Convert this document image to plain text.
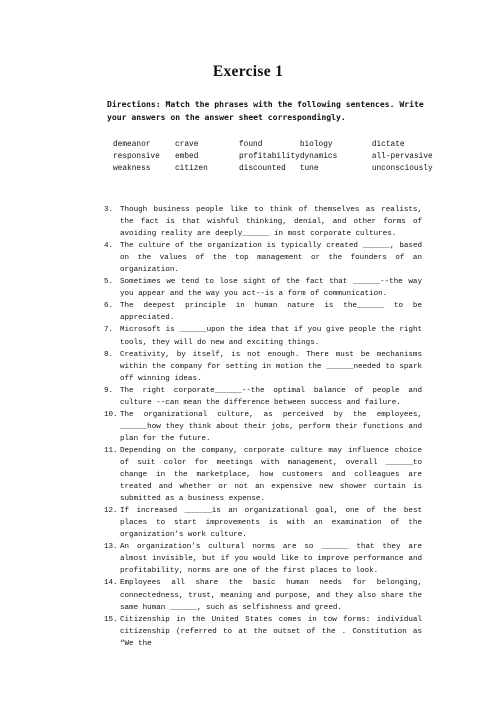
Exercise 1
Directions: Match the phrases with the following sentences. Write your answers on the answer sheet correspondingly.
demeanor	crave	found	biology	dictate
responsive	embed	profitability	dynamics	all-pervasive
weakness	citizen	discounted	tune	unconsciously
3. Though business people like to think of themselves as realists, the fact is that wishful thinking, denial, and other forms of avoiding reality are deeply______ in most corporate cultures.
4. The culture of the organization is typically created ______, based on the values of the top management or the founders of an organization.
5. Sometimes we tend to lose sight of the fact that ______--the way you appear and the way you act--is a form of communication.
6. The deepest principle in human nature is the______ to be appreciated.
7. Microsoft is ______upon the idea that if you give people the right tools, they will do new and exciting things.
8. Creativity, by itself, is not enough. There must be mechanisms within the company for setting in motion the ______needed to spark off winning ideas.
9. The right corporate______--the optimal balance of people and culture --can mean the difference between success and failure.
10. The organizational culture, as perceived by the employees, ______how they think about their jobs, perform their functions and plan for the future.
11. Depending on the company, corporate culture may influence choice of suit color for meetings with management, overall ______to change in the marketplace, how customers and colleagues are treated and whether or not an expensive new shower curtain is submitted as a business expense.
12. If increased ______is an organizational goal, one of the best places to start improvements is with an examination of the organization’s work culture.
13. An organization’s cultural norms are so ______ that they are almost invisible, but if you would like to improve performance and profitability, norms are one of the first places to look.
14. Employees all share the basic human needs for belonging, connectedness, trust, meaning and purpose, and they also share the same human ______, such as selfishness and greed.
15. Citizenship in the United States comes in tow forms: individual citizenship (referred to at the outset of the . Constitution as “We the
